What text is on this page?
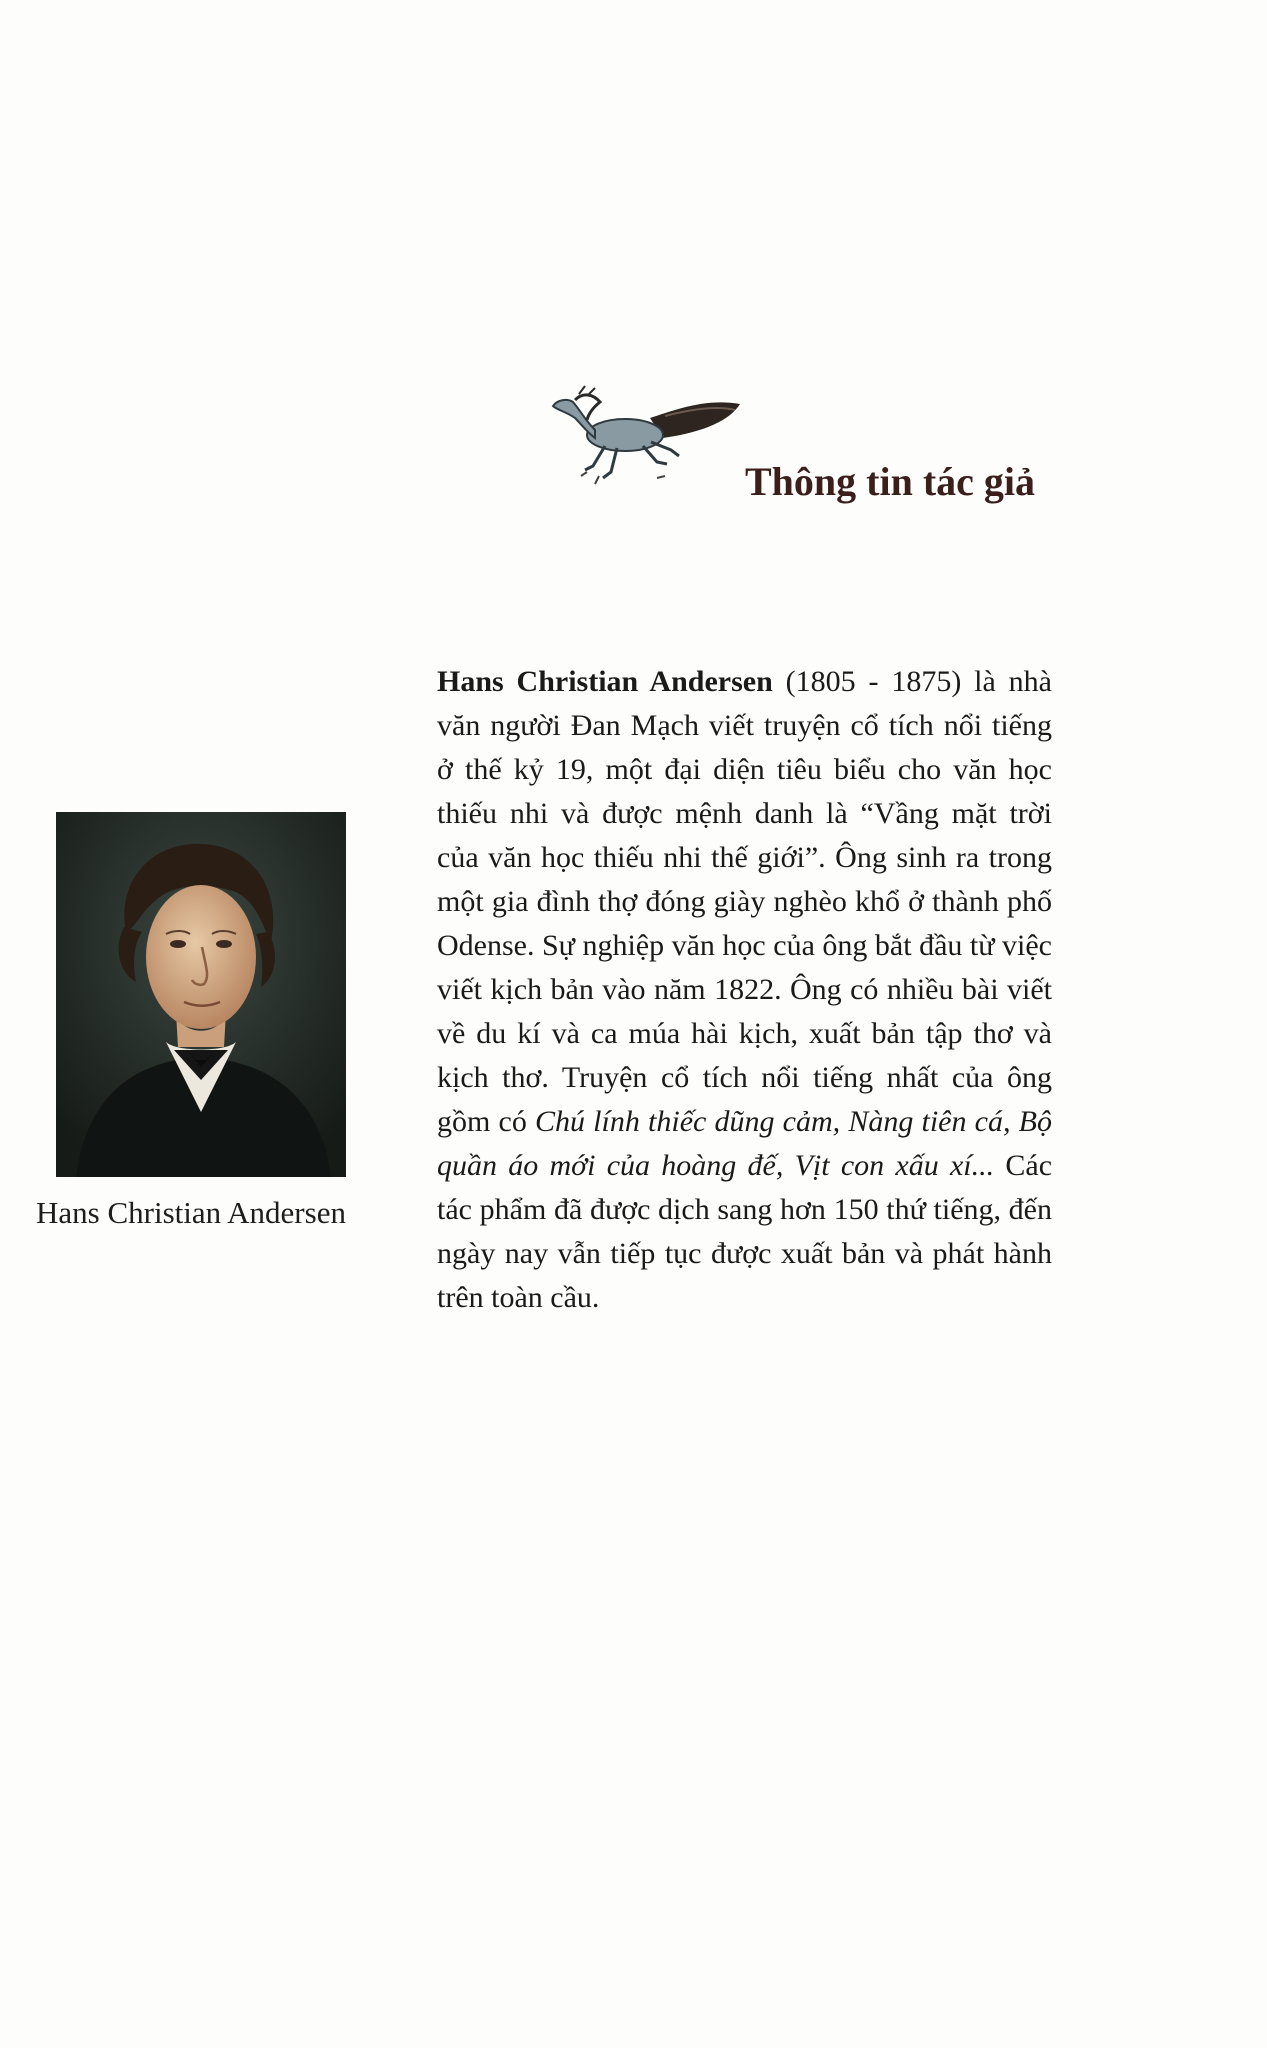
Thông tin tác giả
Hans Christian Andersen
Hans Christian Andersen (1805 - 1875) là nhà văn người Đan Mạch viết truyện cổ tích nổi tiếng ở thế kỷ 19, một đại diện tiêu biểu cho văn học thiếu nhi và được mệnh danh là “Vầng mặt trời của văn học thiếu nhi thế giới”. Ông sinh ra trong một gia đình thợ đóng giày nghèo khổ ở thành phố Odense. Sự nghiệp văn học của ông bắt đầu từ việc viết kịch bản vào năm 1822. Ông có nhiều bài viết về du kí và ca múa hài kịch, xuất bản tập thơ và kịch thơ. Truyện cổ tích nổi tiếng nhất của ông gồm có Chú lính thiếc dũng cảm, Nàng tiên cá, Bộ quần áo mới của hoàng đế, Vịt con xấu xí... Các tác phẩm đã được dịch sang hơn 150 thứ tiếng, đến ngày nay vẫn tiếp tục được xuất bản và phát hành trên toàn cầu.
